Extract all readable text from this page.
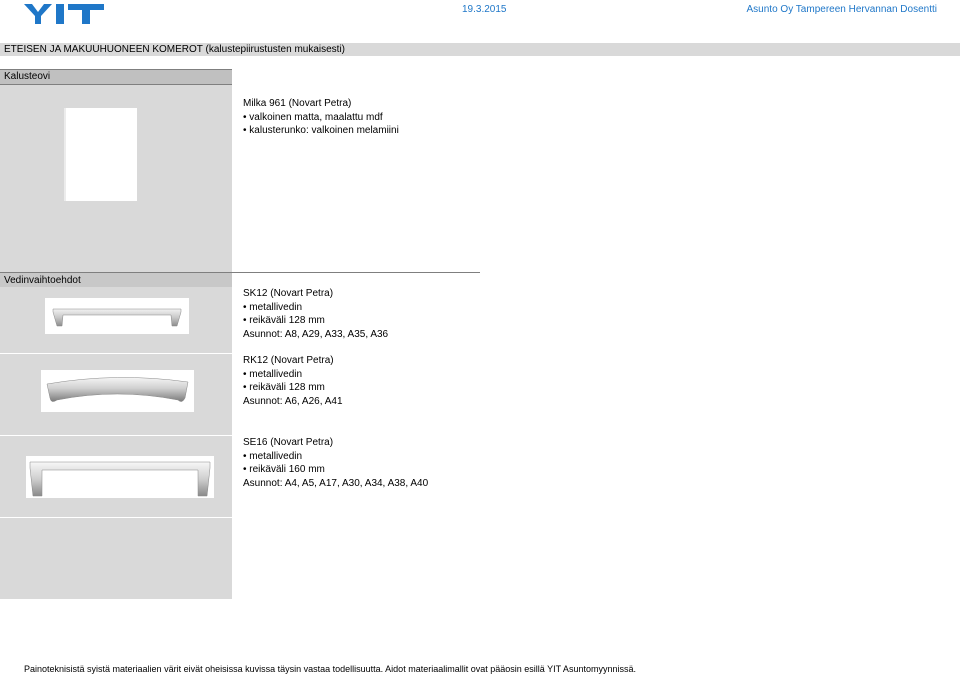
19.3.2015	Asunto Oy Tampereen Hervannan Dosentti
ETEISEN JA MAKUUHUONEEN KOMEROT (kalustepiirustusten mukaisesti)
Kalusteovi
Vedinvaihtoehdot
Milka 961 (Novart Petra)
• valkoinen matta, maalattu mdf
• kalusterunko: valkoinen melamiini
SK12 (Novart Petra)
• metallivedin
• reikäväli 128 mm
Asunnot: A8, A29, A33, A35, A36
RK12 (Novart Petra)
• metallivedin
• reikäväli 128 mm
Asunnot: A6, A26, A41
SE16 (Novart Petra)
• metallivedin
• reikäväli 160 mm
Asunnot: A4, A5, A17, A30, A34, A38, A40
Painoteknisistä syistä materiaalien värit eivät oheisissa kuvissa täysin vastaa todellisuutta. Aidot materiaalimallit ovat pääosin esillä YIT Asuntomyynnissä.
